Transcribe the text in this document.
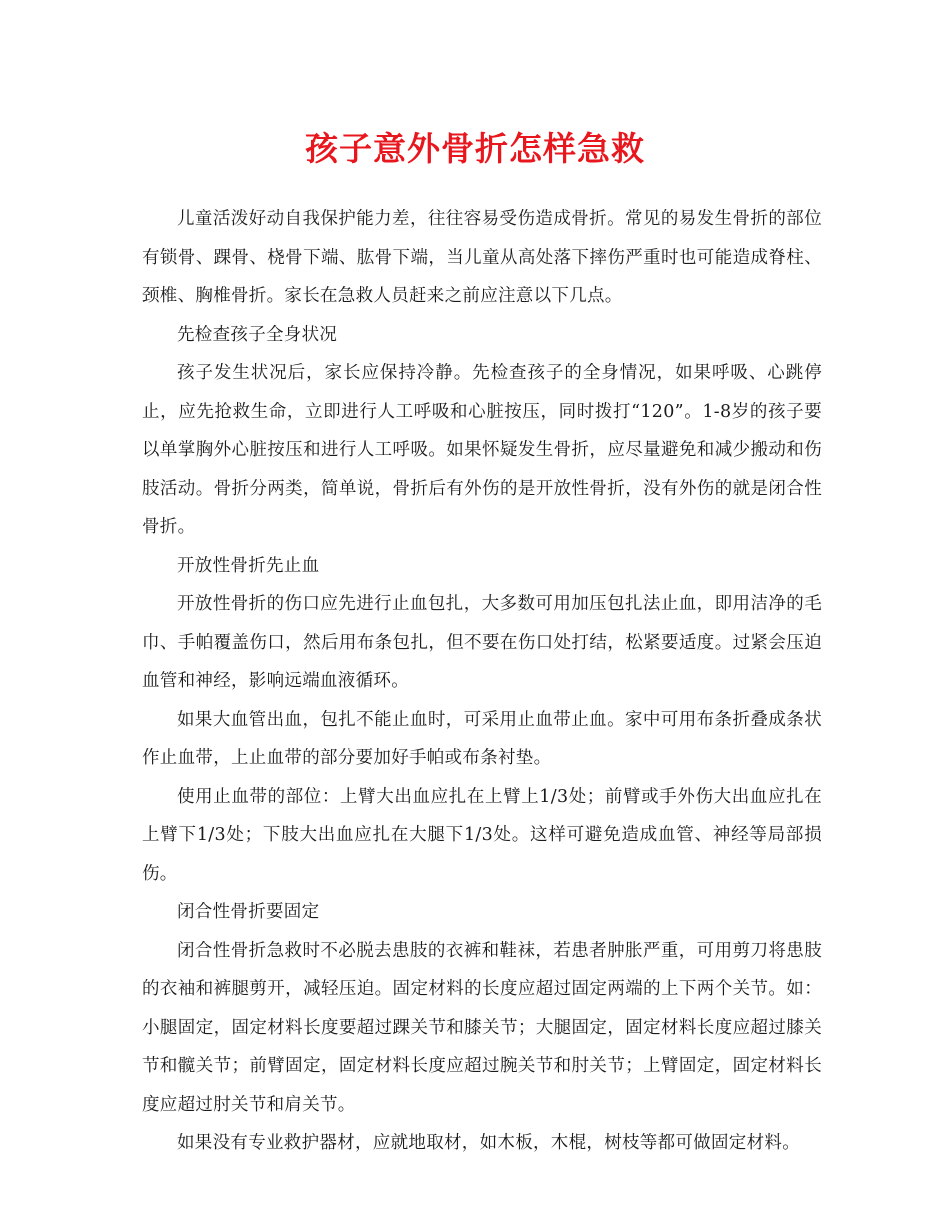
孩子意外骨折怎样急救

儿童活泼好动自我保护能力差，往往容易受伤造成骨折。常见的易发生骨折的部位有锁骨、踝骨、桡骨下端、肱骨下端，当儿童从高处落下摔伤严重时也可能造成脊柱、颈椎、胸椎骨折。家长在急救人员赶来之前应注意以下几点。

先检查孩子全身状况

孩子发生状况后，家长应保持冷静。先检查孩子的全身情况，如果呼吸、心跳停止，应先抢救生命，立即进行人工呼吸和心脏按压，同时拨打“120”。1-8岁的孩子要以单掌胸外心脏按压和进行人工呼吸。如果怀疑发生骨折，应尽量避免和减少搬动和伤肢活动。骨折分两类，简单说，骨折后有外伤的是开放性骨折，没有外伤的就是闭合性骨折。

开放性骨折先止血

开放性骨折的伤口应先进行止血包扎，大多数可用加压包扎法止血，即用洁净的毛巾、手帕覆盖伤口，然后用布条包扎，但不要在伤口处打结，松紧要适度。过紧会压迫血管和神经，影响远端血液循环。

如果大血管出血，包扎不能止血时，可采用止血带止血。家中可用布条折叠成条状作止血带，上止血带的部分要加好手帕或布条衬垫。

使用止血带的部位：上臂大出血应扎在上臂上1/3处；前臂或手外伤大出血应扎在上臂下1/3处；下肢大出血应扎在大腿下1/3处。这样可避免造成血管、神经等局部损伤。

闭合性骨折要固定

闭合性骨折急救时不必脱去患肢的衣裤和鞋袜，若患者肿胀严重，可用剪刀将患肢的衣袖和裤腿剪开，减轻压迫。固定材料的长度应超过固定两端的上下两个关节。如：小腿固定，固定材料长度要超过踝关节和膝关节；大腿固定，固定材料长度应超过膝关节和髋关节；前臂固定，固定材料长度应超过腕关节和肘关节；上臂固定，固定材料长度应超过肘关节和肩关节。

如果没有专业救护器材，应就地取材，如木板，木棍，树枝等都可做固定材料。
